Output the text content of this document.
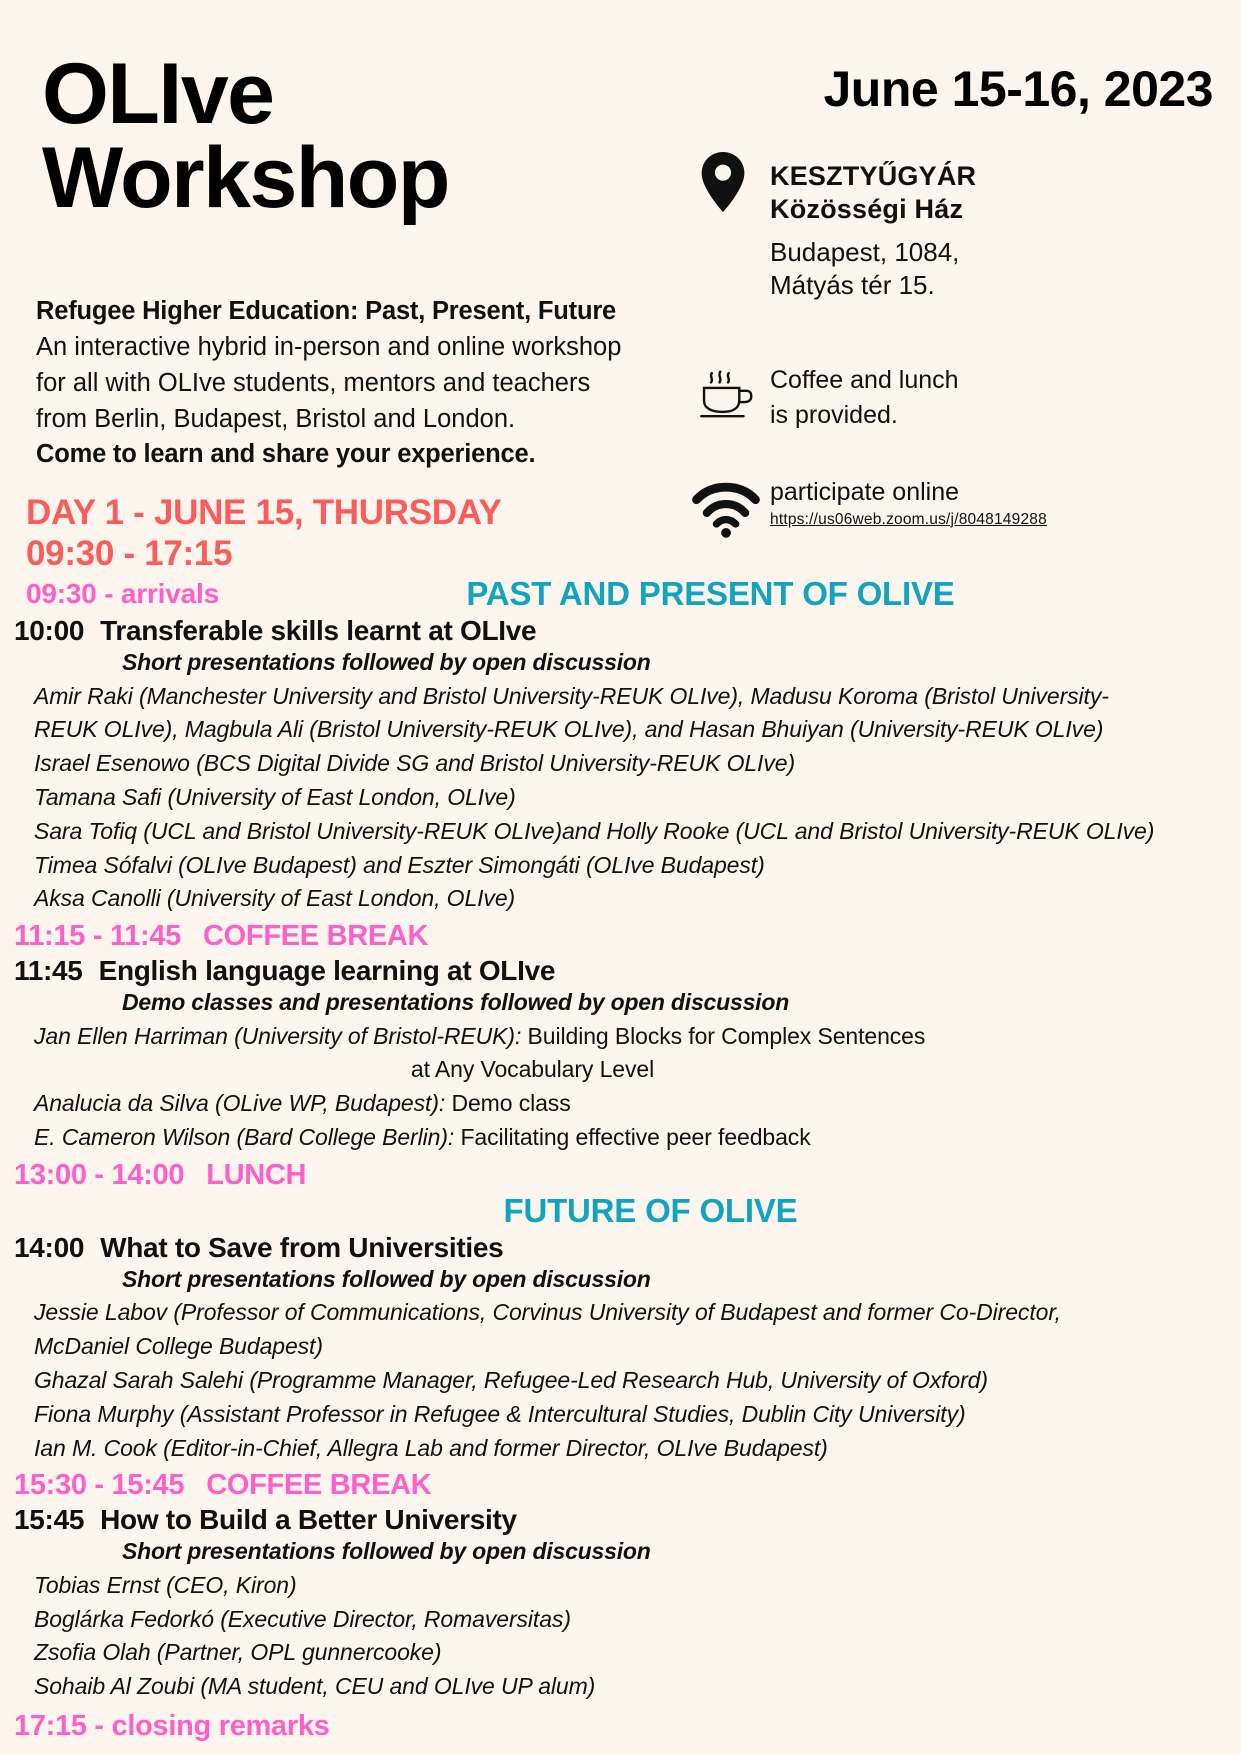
OLIve
Workshop
June 15-16, 2023
KESZTYŰGYÁR
Közösségi Ház
Budapest, 1084,
Mátyás tér 15.
Coffee and lunch
is provided.
participate online
https://us06web.zoom.us/j/8048149288
Refugee Higher Education: Past, Present, Future
An interactive hybrid in-person and online workshop
for all with OLIve students, mentors and teachers
from Berlin, Budapest, Bristol and London.
Come to learn and share your experience.
DAY 1 - JUNE 15, THURSDAY
09:30 - 17:15
09:30 - arrivals	PAST AND PRESENT OF OLIVE
10:00 Transferable skills learnt at OLIve
Short presentations followed by open discussion
Amir Raki (Manchester University and Bristol University-REUK OLIve), Madusu Koroma (Bristol University-
REUK OLIve), Magbula Ali (Bristol University-REUK OLIve), and Hasan Bhuiyan (University-REUK OLIve)
Israel Esenowo (BCS Digital Divide SG and Bristol University-REUK OLIve)
Tamana Safi (University of East London, OLIve)
Sara Tofiq (UCL and Bristol University-REUK OLIve)and Holly Rooke (UCL and Bristol University-REUK OLIve)
Timea Sófalvi (OLIve Budapest) and Eszter Simongáti (OLIve Budapest)
Aksa Canolli (University of East London, OLIve)
11:15 - 11:45 COFFEE BREAK
11:45 English language learning at OLIve
Demo classes and presentations followed by open discussion
Jan Ellen Harriman (University of Bristol-REUK): Building Blocks for Complex Sentences
at Any Vocabulary Level
Analucia da Silva (OLive WP, Budapest): Demo class
E. Cameron Wilson (Bard College Berlin): Facilitating effective peer feedback
13:00 - 14:00 LUNCH
FUTURE OF OLIVE
14:00 What to Save from Universities
Short presentations followed by open discussion
Jessie Labov (Professor of Communications, Corvinus University of Budapest and former Co-Director,
McDaniel College Budapest)
Ghazal Sarah Salehi (Programme Manager, Refugee-Led Research Hub, University of Oxford)
Fiona Murphy (Assistant Professor in Refugee & Intercultural Studies, Dublin City University)
Ian M. Cook (Editor-in-Chief, Allegra Lab and former Director, OLIve Budapest)
15:30 - 15:45 COFFEE BREAK
15:45 How to Build a Better University
Short presentations followed by open discussion
Tobias Ernst (CEO, Kiron)
Boglárka Fedorkó (Executive Director, Romaversitas)
Zsofia Olah (Partner, OPL gunnercooke)
Sohaib Al Zoubi (MA student, CEU and OLIve UP alum)
17:15 - closing remarks
